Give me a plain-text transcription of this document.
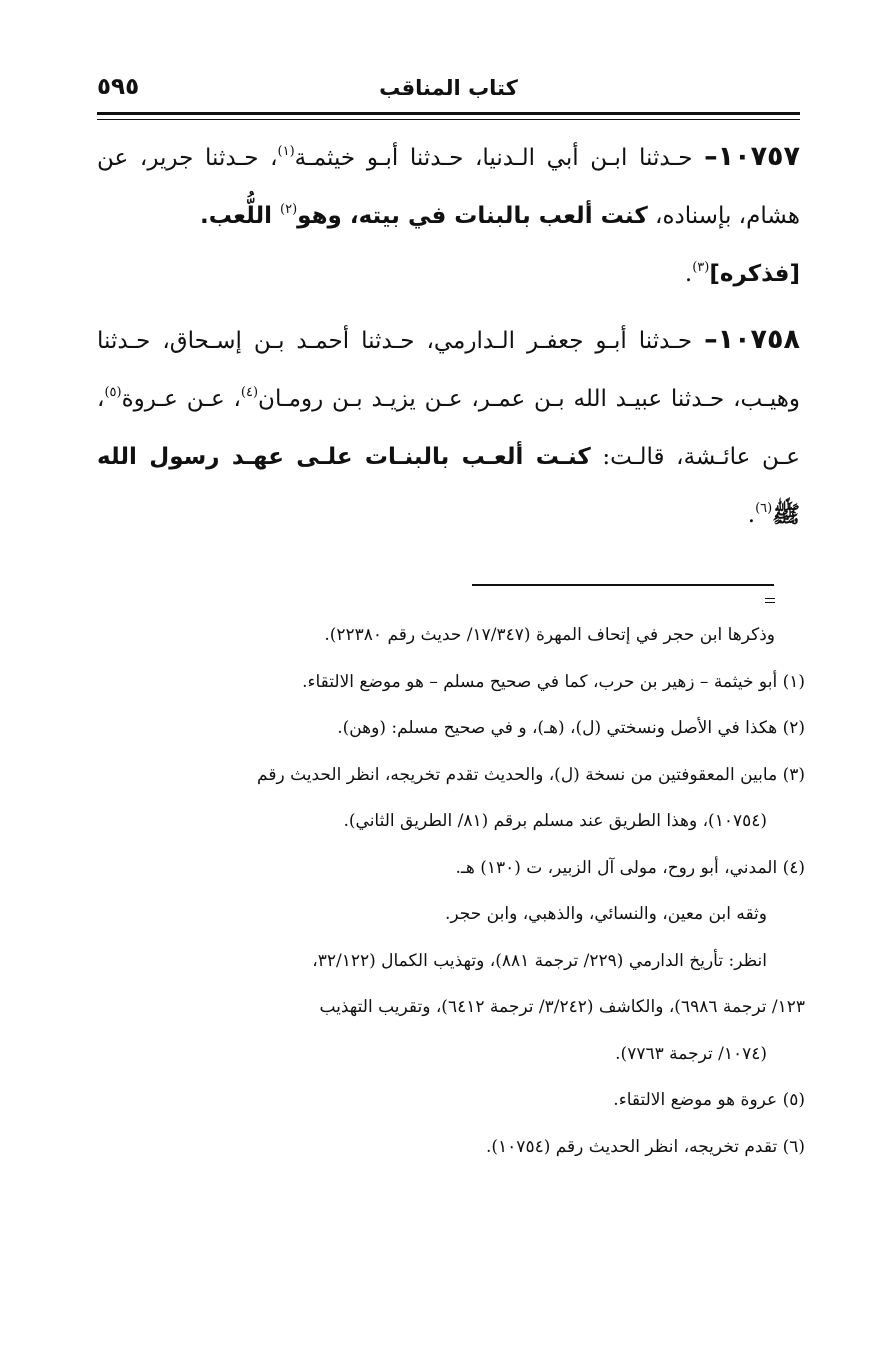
كتاب المناقب
٥٩٥

١٠٧٥٧– حـدثنا ابـن أبي الـدنيا، حـدثنا أبـو خيثمـة$^{(١)}$، حـدثنا جرير، عن هشام، بإسناده، كنت ألعب بالبنات في بيته، وهو$^{(٢)}$ اللُّعب.
[فذكره]$^{(٣)}$.

١٠٧٥٨– حـدثنا أبـو جعفـر الـدارمي، حـدثنا أحمـد بـن إسـحاق، حـدثنا وهيـب، حـدثنا عبيـد الله بـن عمـر، عـن يزيـد بـن رومـان$^{(٤)}$، عـن عـروة$^{(٥)}$، عـن عائـشة، قالـت: كنـت ألعـب بالبنـات علـى عهـد رسول الله ﷺ$^{(٦)}$.

وذكرها ابن حجر في إتحاف المهرة (١٧/٣٤٧/ حديث رقم ٢٢٣٨٠).

(١) أبو خيثمة – زهير بن حرب، كما في صحيح مسلم – هو موضع الالتقاء.

(٢) هكذا في الأصل ونسختي (ل)، (هـ)، و في صحيح مسلم: (وهن).

(٣) مابين المعقوفتين من نسخة (ل)، والحديث تقدم تخريجه، انظر الحديث رقم

(١٠٧٥٤)، وهذا الطريق عند مسلم برقم (٨١/ الطريق الثاني).

(٤) المدني، أبو روح، مولى آل الزبير، ت (١٣٠) هـ.

وثقه ابن معين، والنسائي، والذهبي، وابن حجر.

انظر: تأريخ الدارمي (٢٢٩/ ترجمة ٨٨١)، وتهذيب الكمال (٣٢/١٢٢،

١٢٣/ ترجمة ٦٩٨٦)، والكاشف (٣/٢٤٢/ ترجمة ٦٤١٢)، وتقريب التهذيب

(١٠٧٤/ ترجمة ٧٧٦٣).

(٥) عروة هو موضع الالتقاء.

(٦) تقدم تخريجه، انظر الحديث رقم (١٠٧٥٤).
